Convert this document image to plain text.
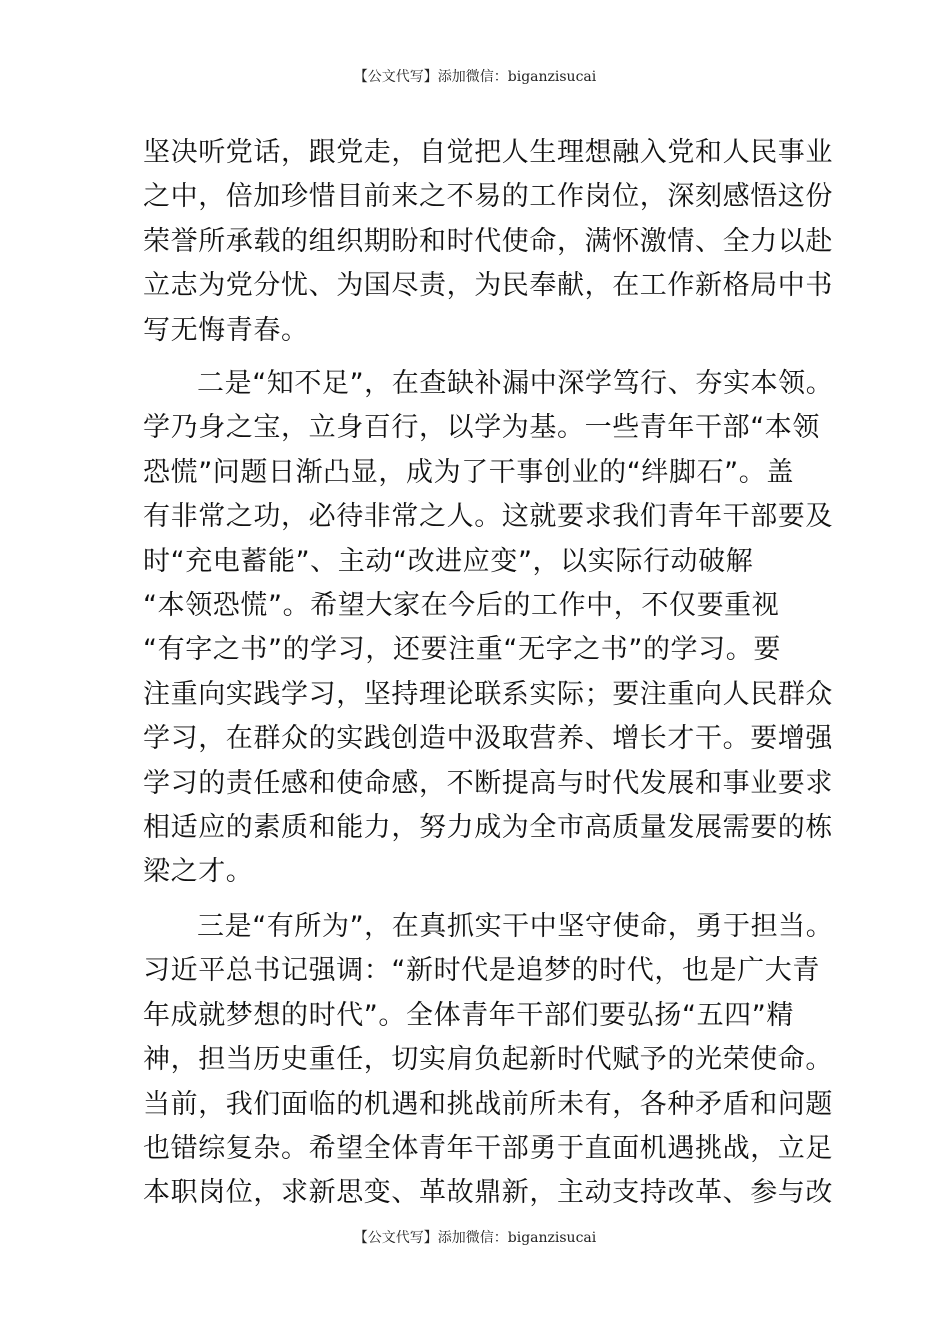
【公文代写】添加微信：biganzisucai
坚决听党话，跟党走，自觉把人生理想融入党和人民事业
之中，倍加珍惜目前来之不易的工作岗位，深刻感悟这份
荣誉所承载的组织期盼和时代使命，满怀激情、全力以赴
立志为党分忧、为国尽责，为民奉献，在工作新格局中书
写无悔青春。
二是“知不足”，在查缺补漏中深学笃行、夯实本领。
学乃身之宝，立身百行，以学为基。一些青年干部“本领
恐慌”问题日渐凸显，成为了干事创业的“绊脚石”。盖
有非常之功，必待非常之人。这就要求我们青年干部要及
时“充电蓄能”、主动“改进应变”，以实际行动破解
“本领恐慌”。希望大家在今后的工作中，不仅要重视
“有字之书”的学习，还要注重“无字之书”的学习。要
注重向实践学习，坚持理论联系实际；要注重向人民群众
学习，在群众的实践创造中汲取营养、增长才干。要增强
学习的责任感和使命感，不断提高与时代发展和事业要求
相适应的素质和能力，努力成为全市高质量发展需要的栋
梁之才。
三是“有所为”，在真抓实干中坚守使命，勇于担当。
习近平总书记强调：“新时代是追梦的时代，也是广大青
年成就梦想的时代”。全体青年干部们要弘扬“五四”精
神，担当历史重任，切实肩负起新时代赋予的光荣使命。
当前，我们面临的机遇和挑战前所未有，各种矛盾和问题
也错综复杂。希望全体青年干部勇于直面机遇挑战，立足
本职岗位，求新思变、革故鼎新，主动支持改革、参与改
【公文代写】添加微信：biganzisucai
